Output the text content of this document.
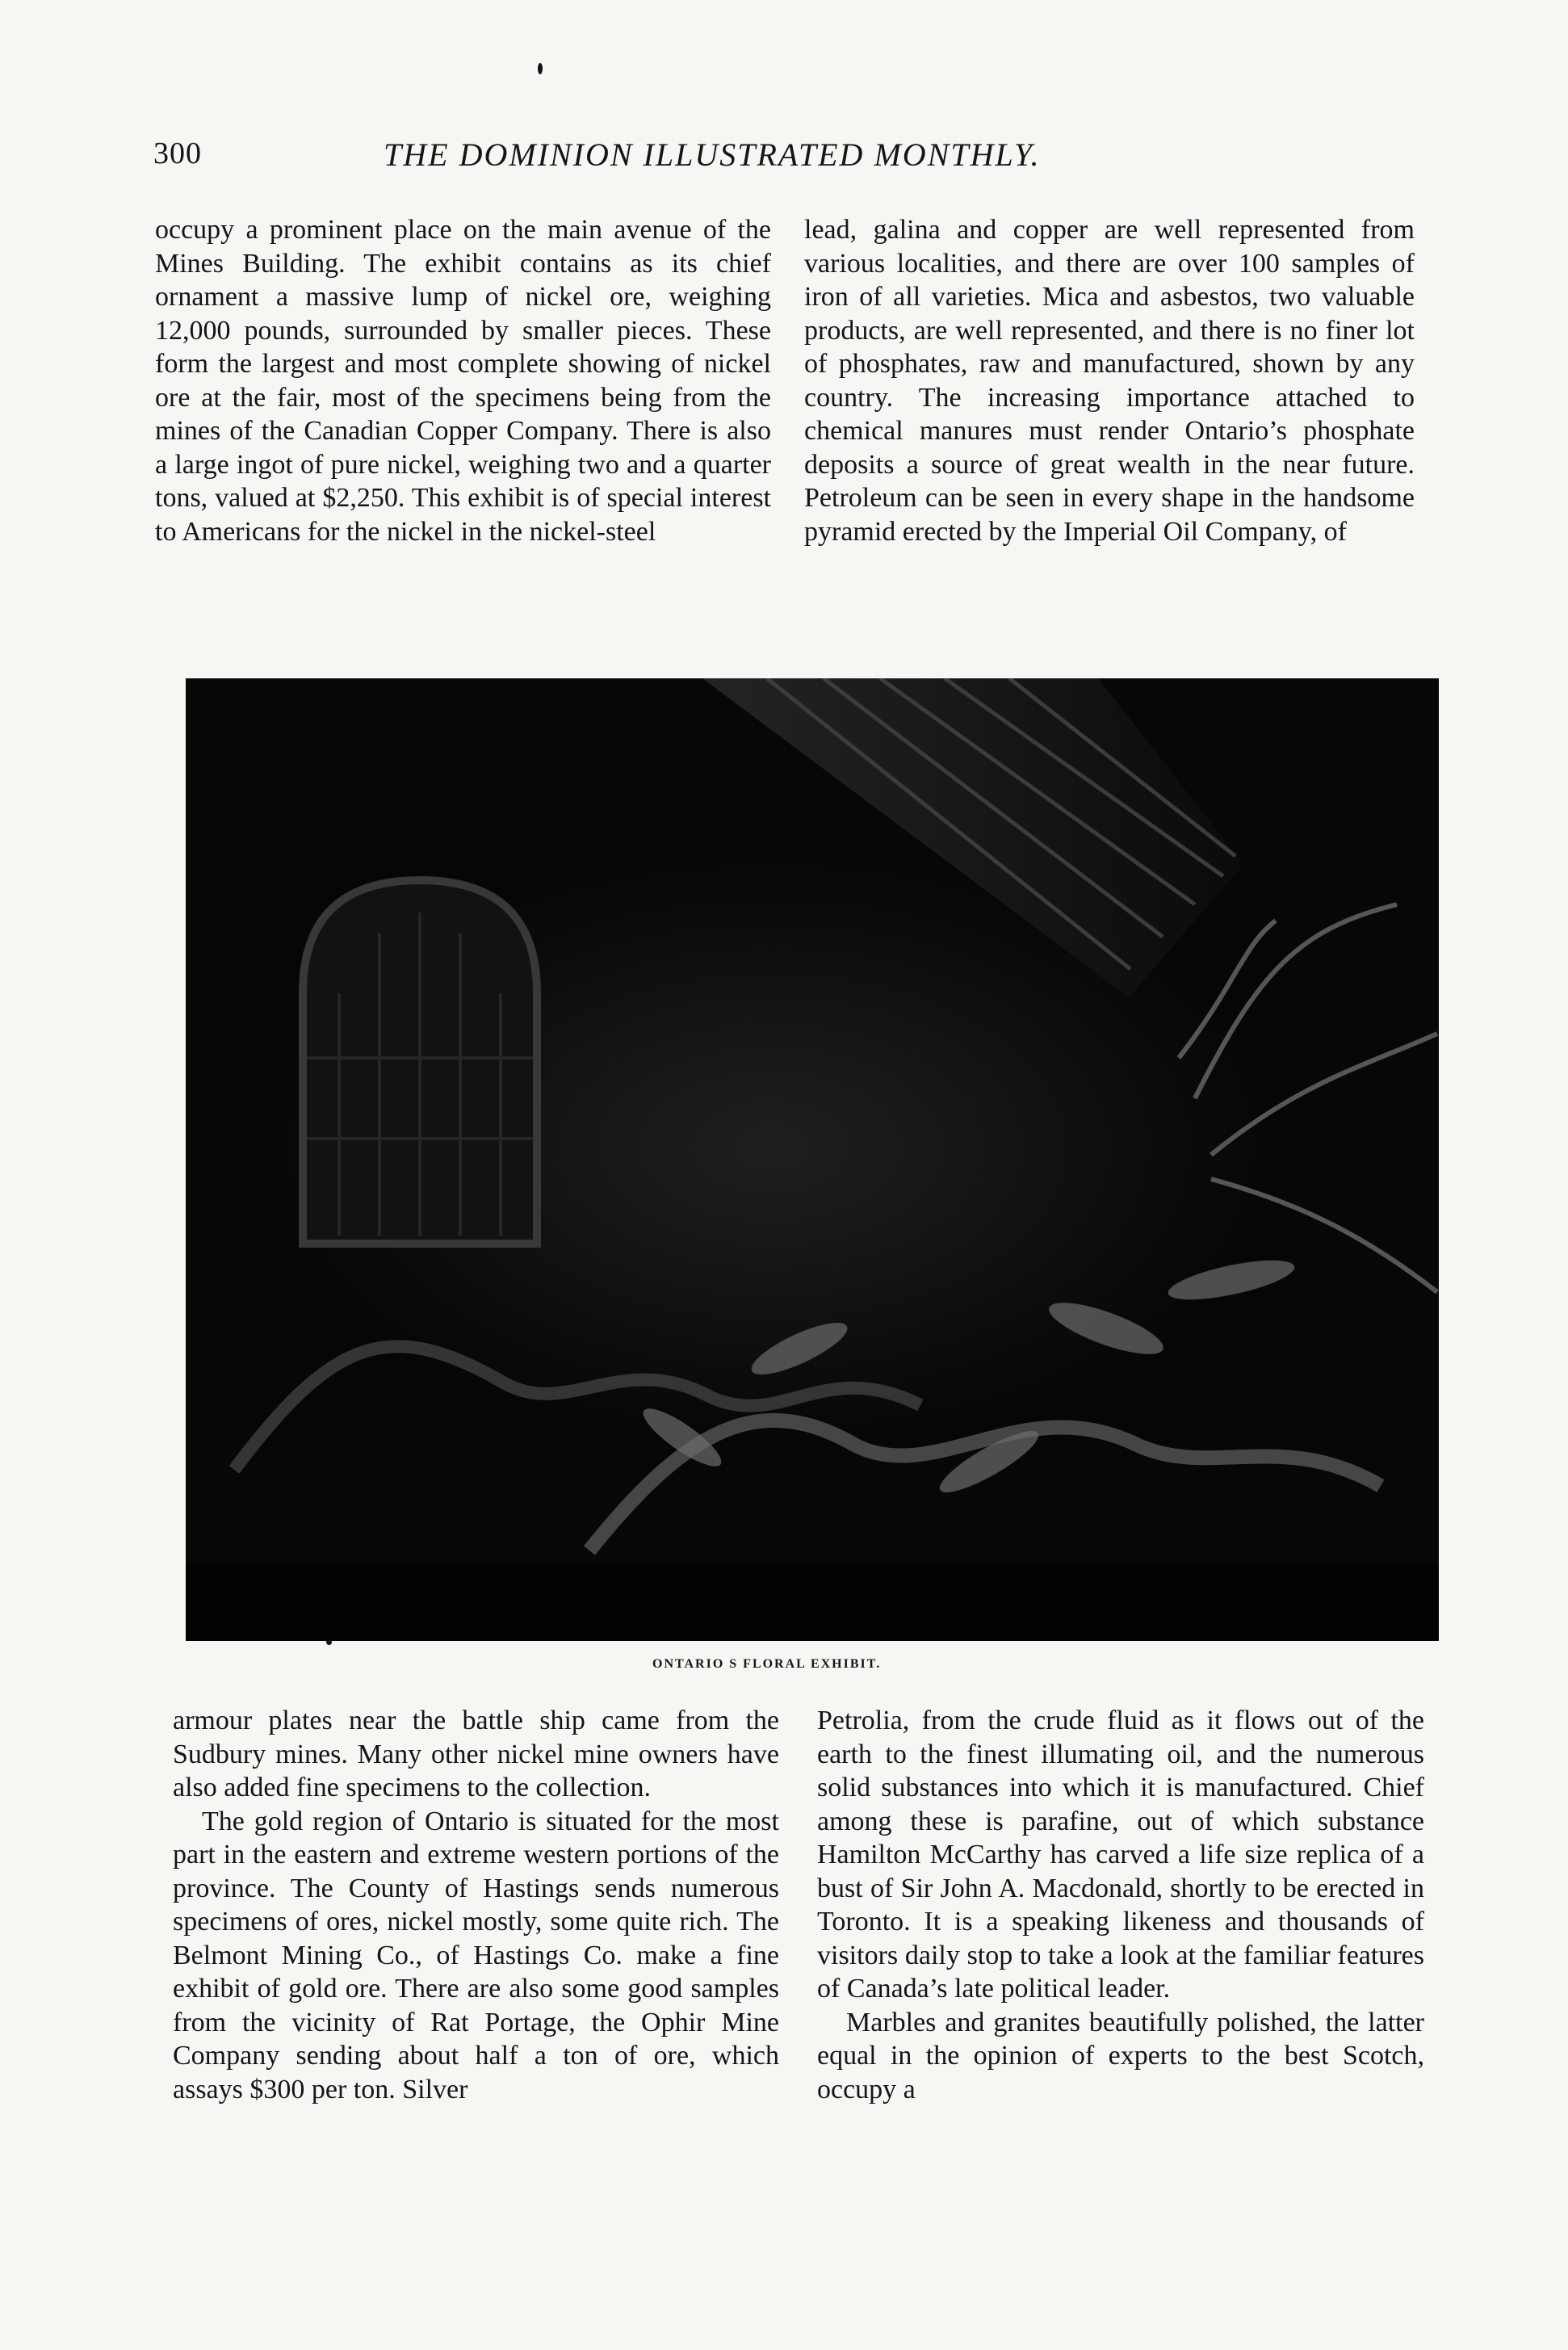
300	THE DOMINION ILLUSTRATED MONTHLY.

occupy a prominent place on the main avenue of the Mines Building. The exhibit contains as its chief ornament a massive lump of nickel ore, weighing 12,000 pounds, surrounded by smaller pieces. These form the largest and most complete showing of nickel ore at the fair, most of the specimens being from the mines of the Canadian Copper Company. There is also a large ingot of pure nickel, weighing two and a quarter tons, valued at $2,250. This exhibit is of special interest to Americans for the nickel in the nickel-steel

lead, galina and copper are well represented from various localities, and there are over 100 samples of iron of all varieties. Mica and asbestos, two valuable products, are well represented, and there is no finer lot of phosphates, raw and manufactured, shown by any country. The increasing importance attached to chemical manures must render Ontario’s phosphate deposits a source of great wealth in the near future. Petroleum can be seen in every shape in the handsome pyramid erected by the Imperial Oil Company, of

ONTARIO S FLORAL EXHIBIT.

armour plates near the battle ship came from the Sudbury mines. Many other nickel mine owners have also added fine specimens to the collection.

The gold region of Ontario is situated for the most part in the eastern and extreme western portions of the province. The County of Hastings sends numerous specimens of ores, nickel mostly, some quite rich. The Belmont Mining Co., of Hastings Co. make a fine exhibit of gold ore. There are also some good samples from the vicinity of Rat Portage, the Ophir Mine Company sending about half a ton of ore, which assays $300 per ton. Silver

Petrolia, from the crude fluid as it flows out of the earth to the finest illumating oil, and the numerous solid substances into which it is manufactured. Chief among these is parafine, out of which substance Hamilton McCarthy has carved a life size replica of a bust of Sir John A. Macdonald, shortly to be erected in Toronto. It is a speaking likeness and thousands of visitors daily stop to take a look at the familiar features of Canada’s late political leader.

Marbles and granites beautifully polished, the latter equal in the opinion of experts to the best Scotch, occupy a
